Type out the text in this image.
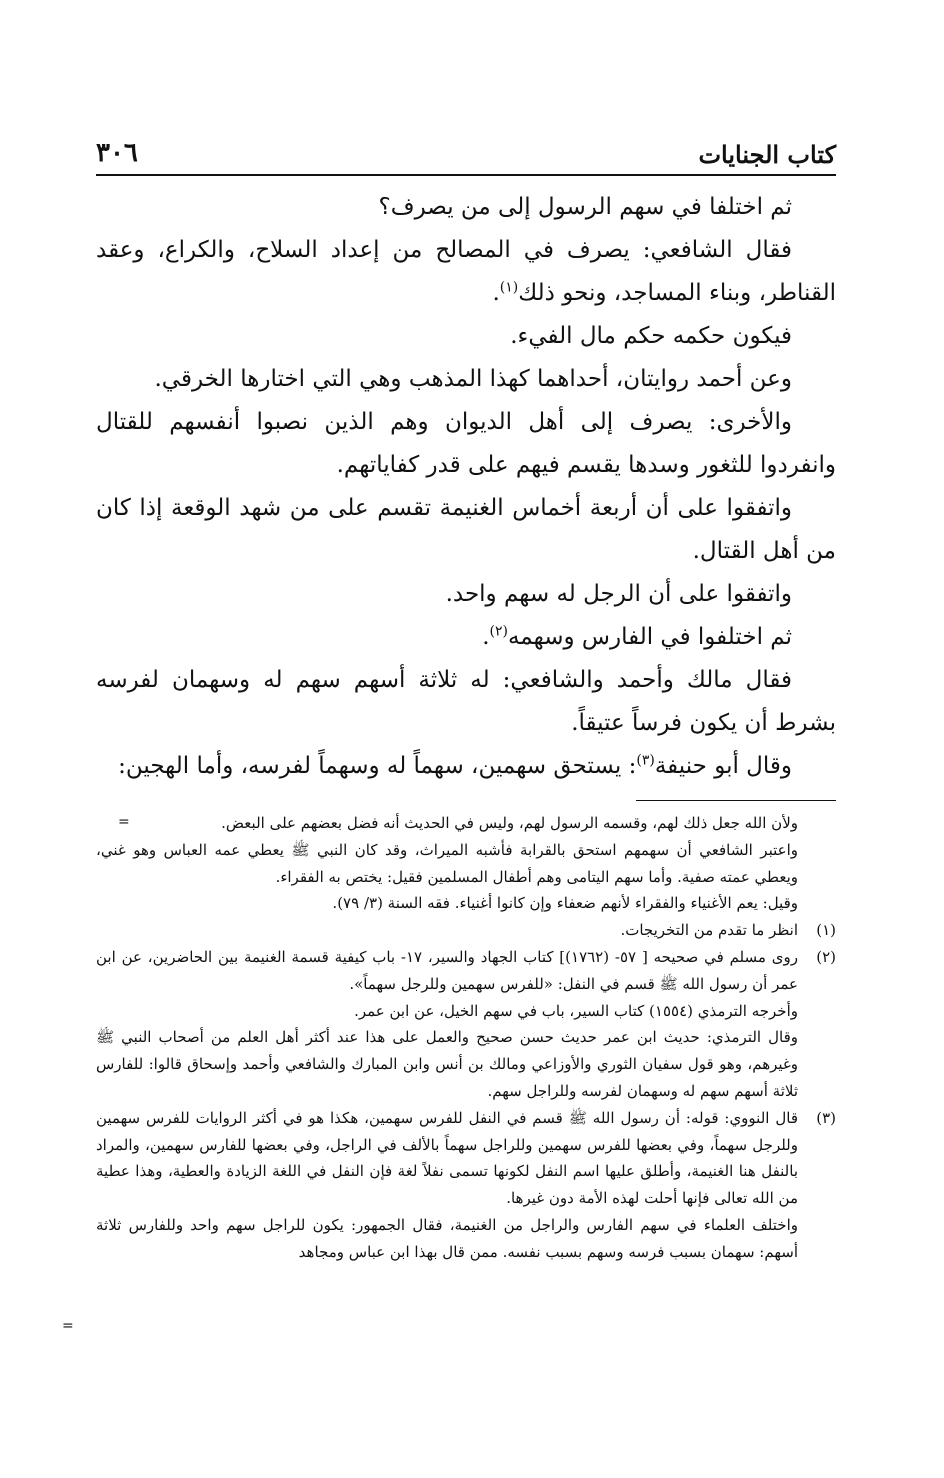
٣٠٦	كتاب الجنايات

ثم اختلفا في سهم الرسول إلى من يصرف؟

فقال الشافعي: يصرف في المصالح من إعداد السلاح، والكراع، وعقد القناطر، وبناء المساجد، ونحو ذلك$^{(١)}$.

فيكون حكمه حكم مال الفيء.

وعن أحمد روايتان، أحداهما كهذا المذهب وهي التي اختارها الخرقي.

والأخرى: يصرف إلى أهل الديوان وهم الذين نصبوا أنفسهم للقتال وانفردوا للثغور وسدها يقسم فيهم على قدر كفاياتهم.

واتفقوا على أن أربعة أخماس الغنيمة تقسم على من شهد الوقعة إذا كان من أهل القتال.

واتفقوا على أن الرجل له سهم واحد.

ثم اختلفوا في الفارس وسهمه$^{(٢)}$.

فقال مالك وأحمد والشافعي: له ثلاثة أسهم سهم له وسهمان لفرسه بشرط أن يكون فرساً عتيقاً.

وقال أبو حنيفة$^{(٣)}$: يستحق سهمين، سهماً له وسهماً لفرسه، وأما الهجين:

=	ولأن الله جعل ذلك لهم، وقسمه الرسول لهم، وليس في الحديث أنه فضل بعضهم على البعض.

واعتبر الشافعي أن سهمهم استحق بالقرابة فأشبه الميراث، وقد كان النبي ﷺ يعطي عمه العباس وهو غني، ويعطي عمته صفية. وأما سهم اليتامى وهم أطفال المسلمين فقيل: يختص به الفقراء.

وقيل: يعم الأغنياء والفقراء لأنهم ضعفاء وإن كانوا أغنياء. فقه السنة (٣/ ٧٩).

(١)

انظر ما تقدم من التخريجات.

(٢)

روى مسلم في صحيحه [ ٥٧- (١٧٦٢)] كتاب الجهاد والسير، ١٧- باب كيفية قسمة الغنيمة بين الحاضرين، عن ابن عمر أن رسول الله ﷺ قسم في النفل: «للفرس سهمين وللرجل سهماً».

وأخرجه الترمذي (١٥٥٤) كتاب السير، باب في سهم الخيل، عن ابن عمر.

وقال الترمذي: حديث ابن عمر حديث حسن صحيح والعمل على هذا عند أكثر أهل العلم من أصحاب النبي ﷺ وغيرهم، وهو قول سفيان الثوري والأوزاعي ومالك بن أنس وابن المبارك والشافعي وأحمد وإسحاق قالوا: للفارس ثلاثة أسهم سهم له وسهمان لفرسه وللراجل سهم.

(٣)

قال النووي: قوله: أن رسول الله ﷺ قسم في النفل للفرس سهمين، هكذا هو في أكثر الروايات للفرس سهمين وللرجل سهماً، وفي بعضها للفرس سهمين وللراجل سهماً بالألف في الراجل، وفي بعضها للفارس سهمين، والمراد بالنفل هنا الغنيمة، وأطلق عليها اسم النفل لكونها تسمى نفلاً لغة فإن النفل في اللغة الزيادة والعطية، وهذا عطية من الله تعالى فإنها أحلت لهذه الأمة دون غيرها.

واختلف العلماء في سهم الفارس والراجل من الغنيمة، فقال الجمهور: يكون للراجل سهم واحد وللفارس ثلاثة أسهم: سهمان بسبب فرسه وسهم بسبب نفسه. ممن قال بهذا ابن عباس ومجاهد

=
